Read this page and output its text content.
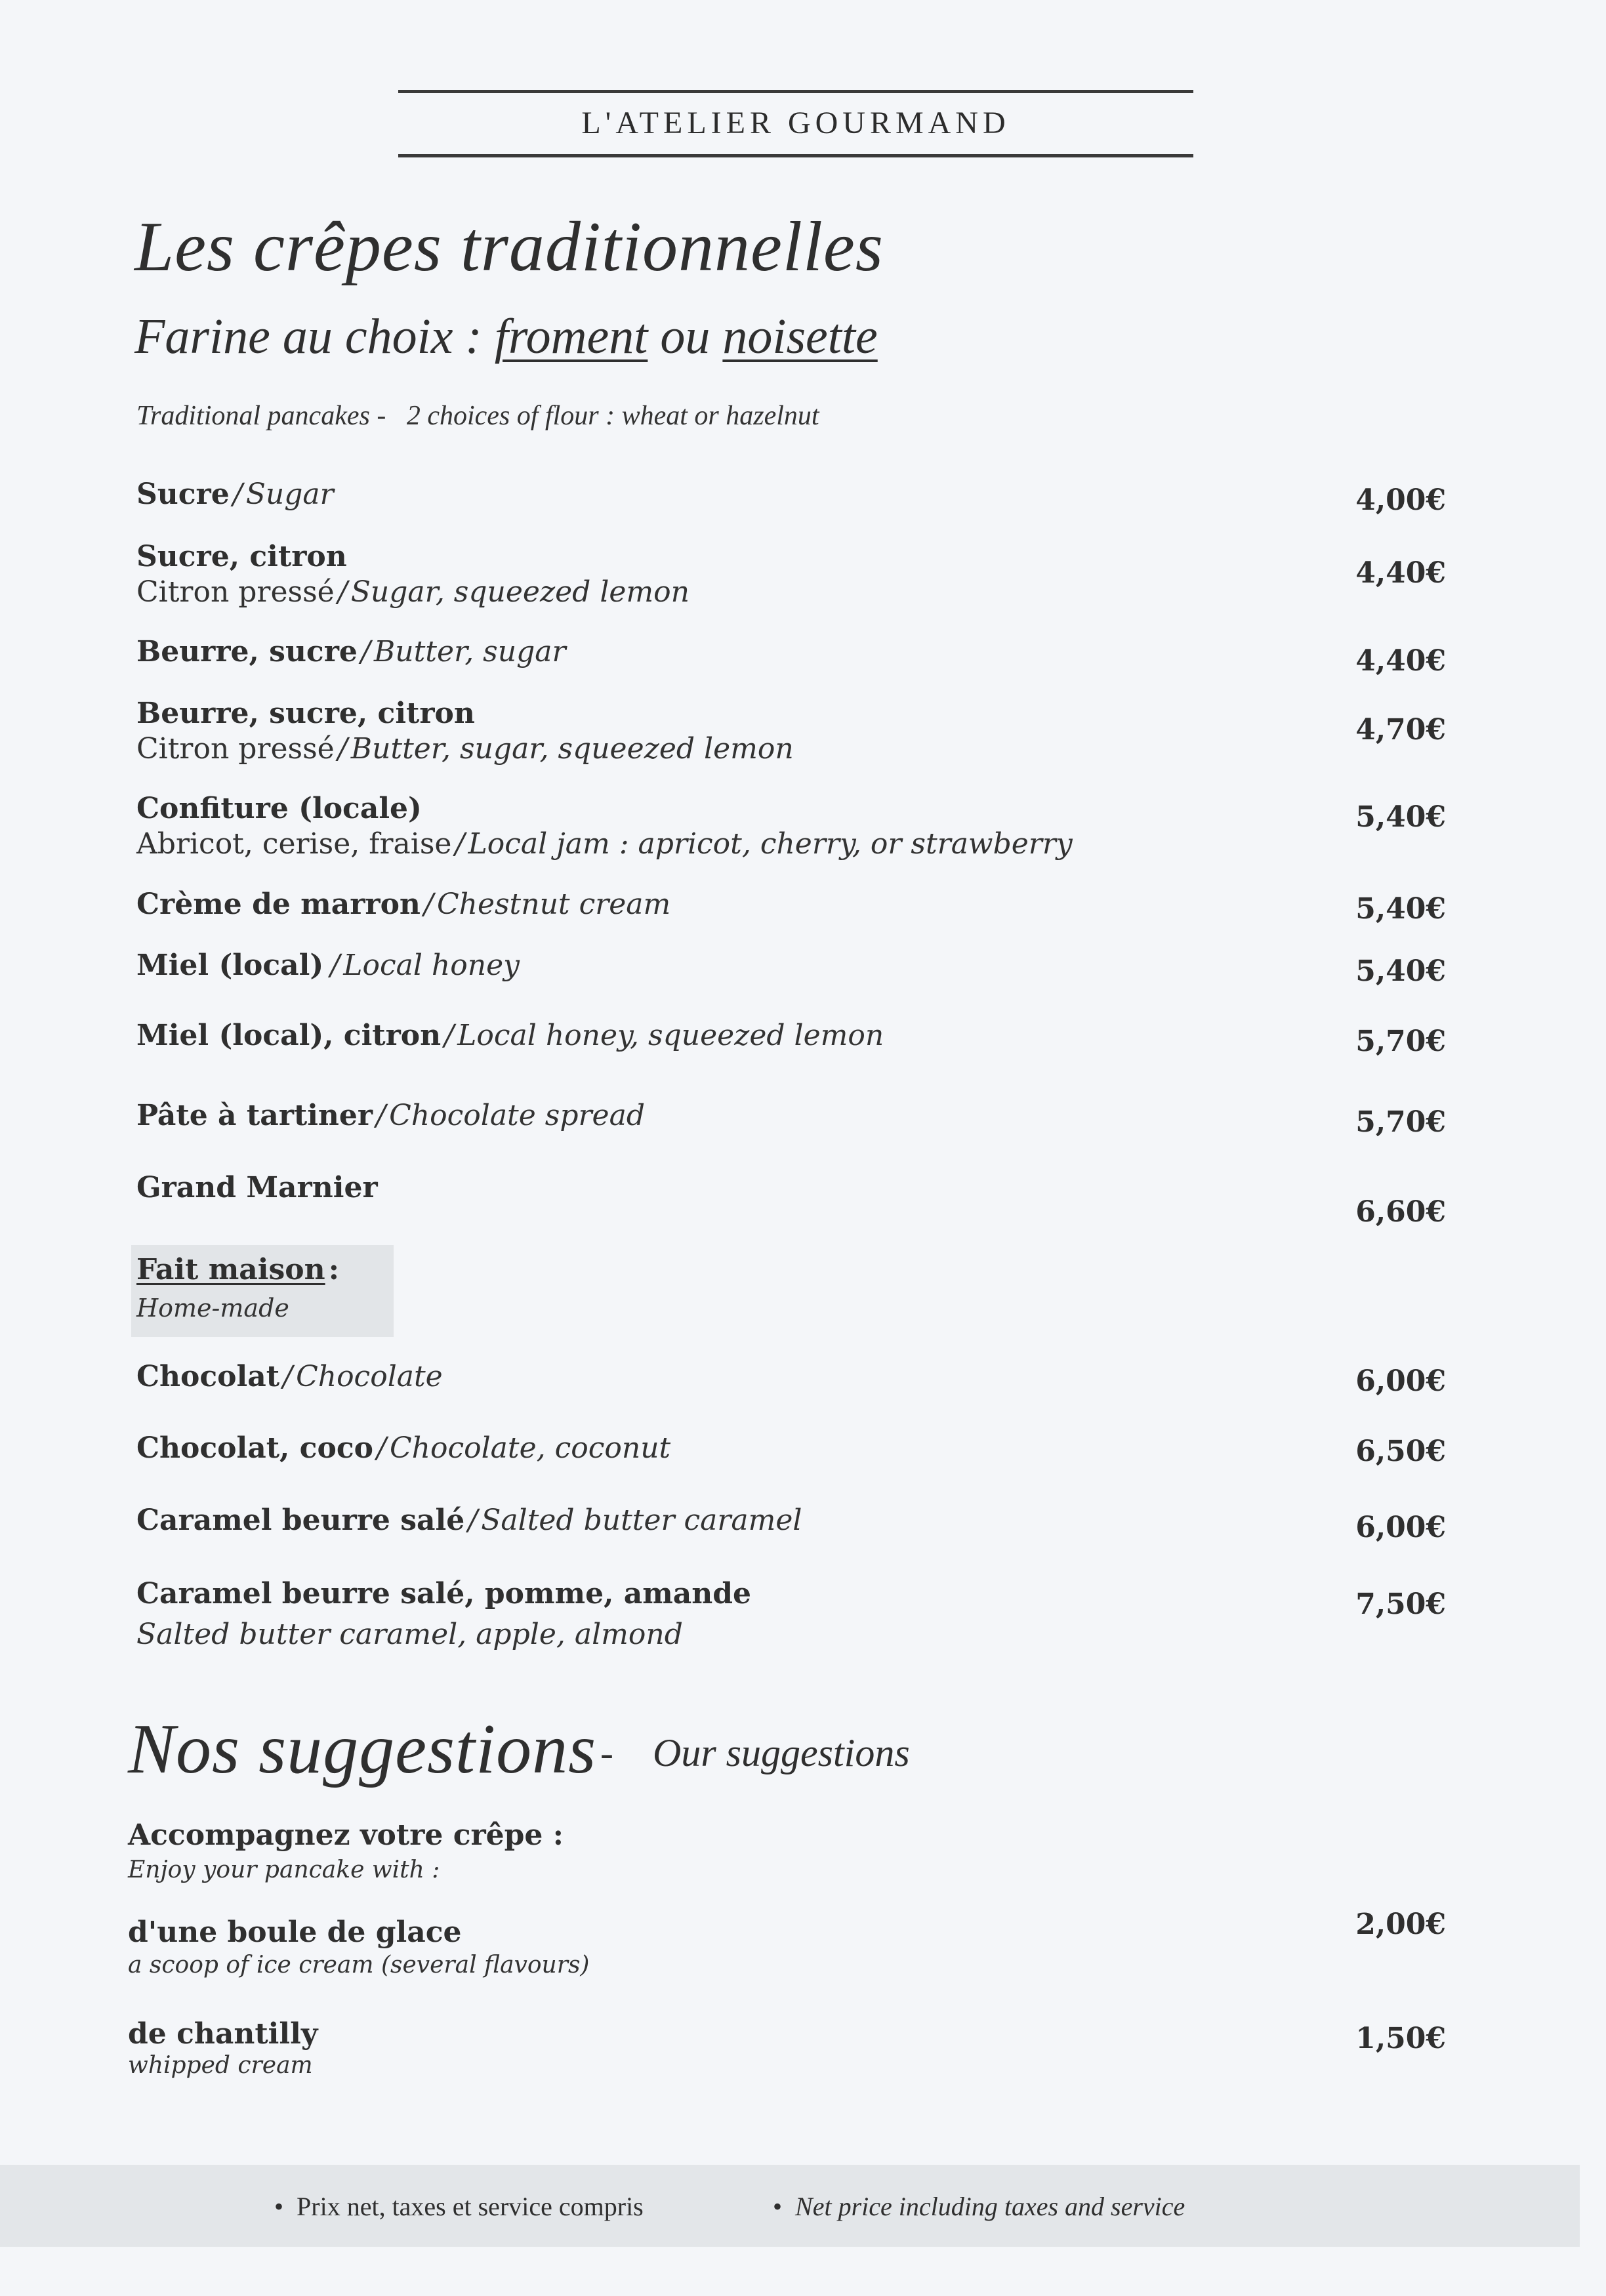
L'ATELIER GOURMAND
Les crêpes traditionnelles
Farine au choix : froment ou noisette
Traditional pancakes - 2 choices of flour : wheat or hazelnut
Sucre / Sugar	4,00€
Sucre, citron
Citron pressé / Sugar, squeezed lemon
4,40€
Beurre, sucre / Butter, sugar	4,40€
Beurre, sucre, citron
Citron pressé / Butter, sugar, squeezed lemon
4,70€
Confiture (locale)
Abricot, cerise, fraise / Local jam : apricot, cherry, or strawberry
5,40€
Crème de marron / Chestnut cream	5,40€
Miel (local) / Local honey	5,40€
Miel (local), citron / Local honey, squeezed lemon	5,70€
Pâte à tartiner / Chocolate spread	5,70€
Grand Marnier
6,60€
Fait maison :
Home-made
Chocolat / Chocolate	6,00€
Chocolat, coco / Chocolate, coconut	6,50€
Caramel beurre salé / Salted butter caramel	6,00€
Caramel beurre salé, pomme, amande
Salted butter caramel, apple, almond
7,50€
Nos suggestions - Our suggestions
Accompagnez votre crêpe :
Enjoy your pancake with :
d'une boule de glace
a scoop of ice cream (several flavours)
2,00€
de chantilly
whipped cream
1,50€
• Prix net, taxes et service compris	• Net price including taxes and service
